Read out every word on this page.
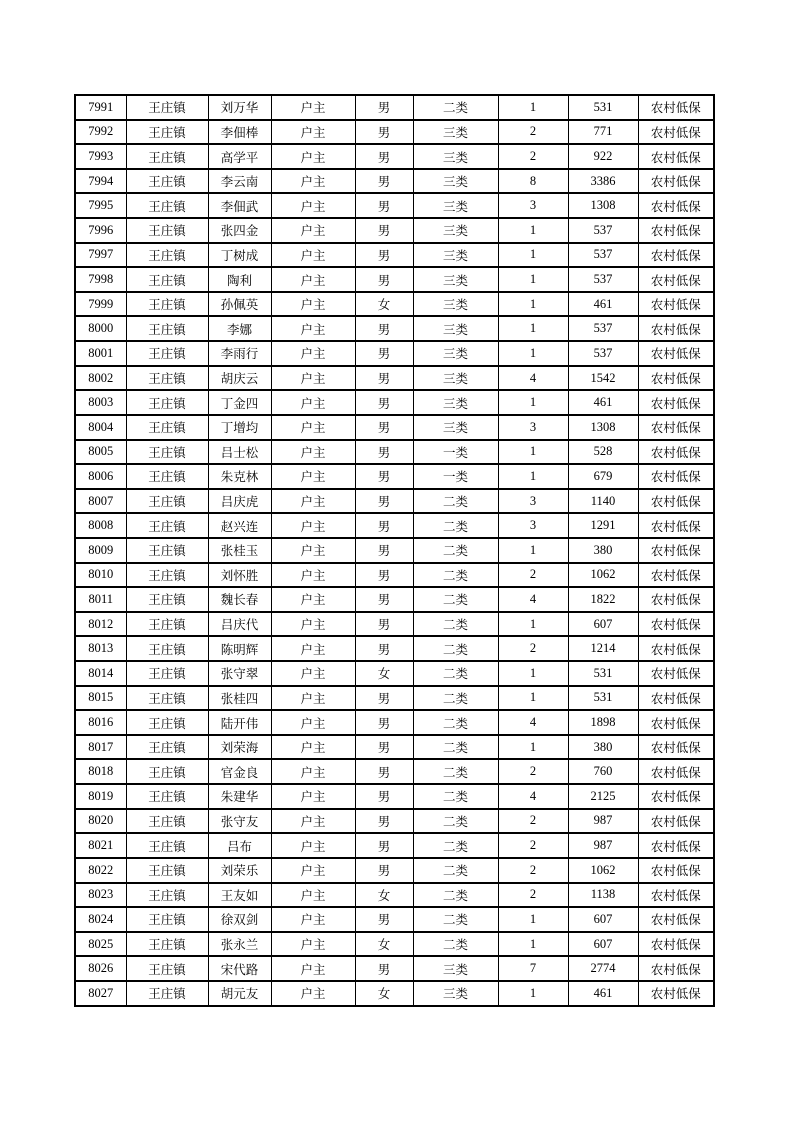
7991	王庄镇	刘万华	户主	男	二类	1	531	农村低保
7992	王庄镇	李佃棒	户主	男	三类	2	771	农村低保
7993	王庄镇	高学平	户主	男	三类	2	922	农村低保
7994	王庄镇	李云南	户主	男	三类	8	3386	农村低保
7995	王庄镇	李佃武	户主	男	三类	3	1308	农村低保
7996	王庄镇	张四金	户主	男	三类	1	537	农村低保
7997	王庄镇	丁树成	户主	男	三类	1	537	农村低保
7998	王庄镇	陶利	户主	男	三类	1	537	农村低保
7999	王庄镇	孙佩英	户主	女	三类	1	461	农村低保
8000	王庄镇	李娜	户主	男	三类	1	537	农村低保
8001	王庄镇	李雨行	户主	男	三类	1	537	农村低保
8002	王庄镇	胡庆云	户主	男	三类	4	1542	农村低保
8003	王庄镇	丁金四	户主	男	三类	1	461	农村低保
8004	王庄镇	丁增均	户主	男	三类	3	1308	农村低保
8005	王庄镇	吕士松	户主	男	一类	1	528	农村低保
8006	王庄镇	朱克林	户主	男	一类	1	679	农村低保
8007	王庄镇	吕庆虎	户主	男	二类	3	1140	农村低保
8008	王庄镇	赵兴连	户主	男	二类	3	1291	农村低保
8009	王庄镇	张桂玉	户主	男	二类	1	380	农村低保
8010	王庄镇	刘怀胜	户主	男	二类	2	1062	农村低保
8011	王庄镇	魏长春	户主	男	二类	4	1822	农村低保
8012	王庄镇	吕庆代	户主	男	二类	1	607	农村低保
8013	王庄镇	陈明辉	户主	男	二类	2	1214	农村低保
8014	王庄镇	张守翠	户主	女	二类	1	531	农村低保
8015	王庄镇	张桂四	户主	男	二类	1	531	农村低保
8016	王庄镇	陆开伟	户主	男	二类	4	1898	农村低保
8017	王庄镇	刘荣海	户主	男	二类	1	380	农村低保
8018	王庄镇	官金良	户主	男	二类	2	760	农村低保
8019	王庄镇	朱建华	户主	男	二类	4	2125	农村低保
8020	王庄镇	张守友	户主	男	二类	2	987	农村低保
8021	王庄镇	吕布	户主	男	二类	2	987	农村低保
8022	王庄镇	刘荣乐	户主	男	二类	2	1062	农村低保
8023	王庄镇	王友如	户主	女	二类	2	1138	农村低保
8024	王庄镇	徐双剑	户主	男	二类	1	607	农村低保
8025	王庄镇	张永兰	户主	女	二类	1	607	农村低保
8026	王庄镇	宋代路	户主	男	三类	7	2774	农村低保
8027	王庄镇	胡元友	户主	女	三类	1	461	农村低保
